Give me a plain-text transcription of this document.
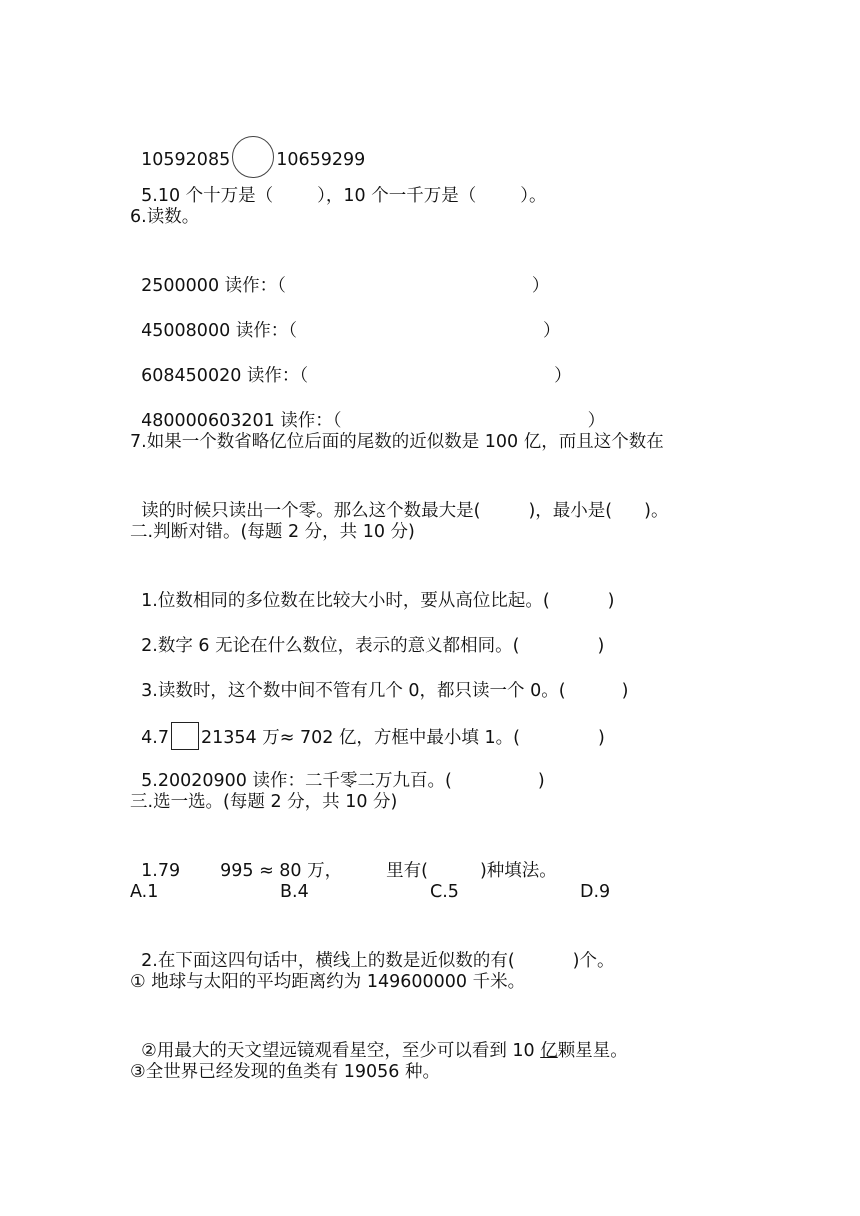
10592085	10659299

5.10 个十万是（	），10 个一千万是（	）。

6.读数。

2500000 读作：（	）

45008000 读作：（	）

608450020 读作：（	）

480000603201 读作：（	）

7.如果一个数省略亿位后面的尾数的近似数是 100 亿，而且这个数在

读的时候只读出一个零。那么这个数最大是(	)，最小是( )。

二.判断对错。(每题 2 分，共 10 分)

1.位数相同的多位数在比较大小时，要从高位比起。(	)

2.数字 6 无论在什么数位，表示的意义都相同。(	)

3.读数时，这个数中间不管有几个 0，都只读一个 0。(	)

4.7 21354 万≈ 702 亿，方框中最小填 1。(	)

5.20020900 读作：二千零二万九百。(	)

三.选一选。(每题 2 分，共 10 分)

1.79 995 ≈ 80 万，	里有(	)种填法。

A.1	B.4	C.5	D.9

2.在下面这四句话中，横线上的数是近似数的有(	)个。

① 地球与太阳的平均距离约为 149600000 千米。

②用最大的天文望远镜观看星空，至少可以看到 10 亿颗星星。

③全世界已经发现的鱼类有 19056 种。
